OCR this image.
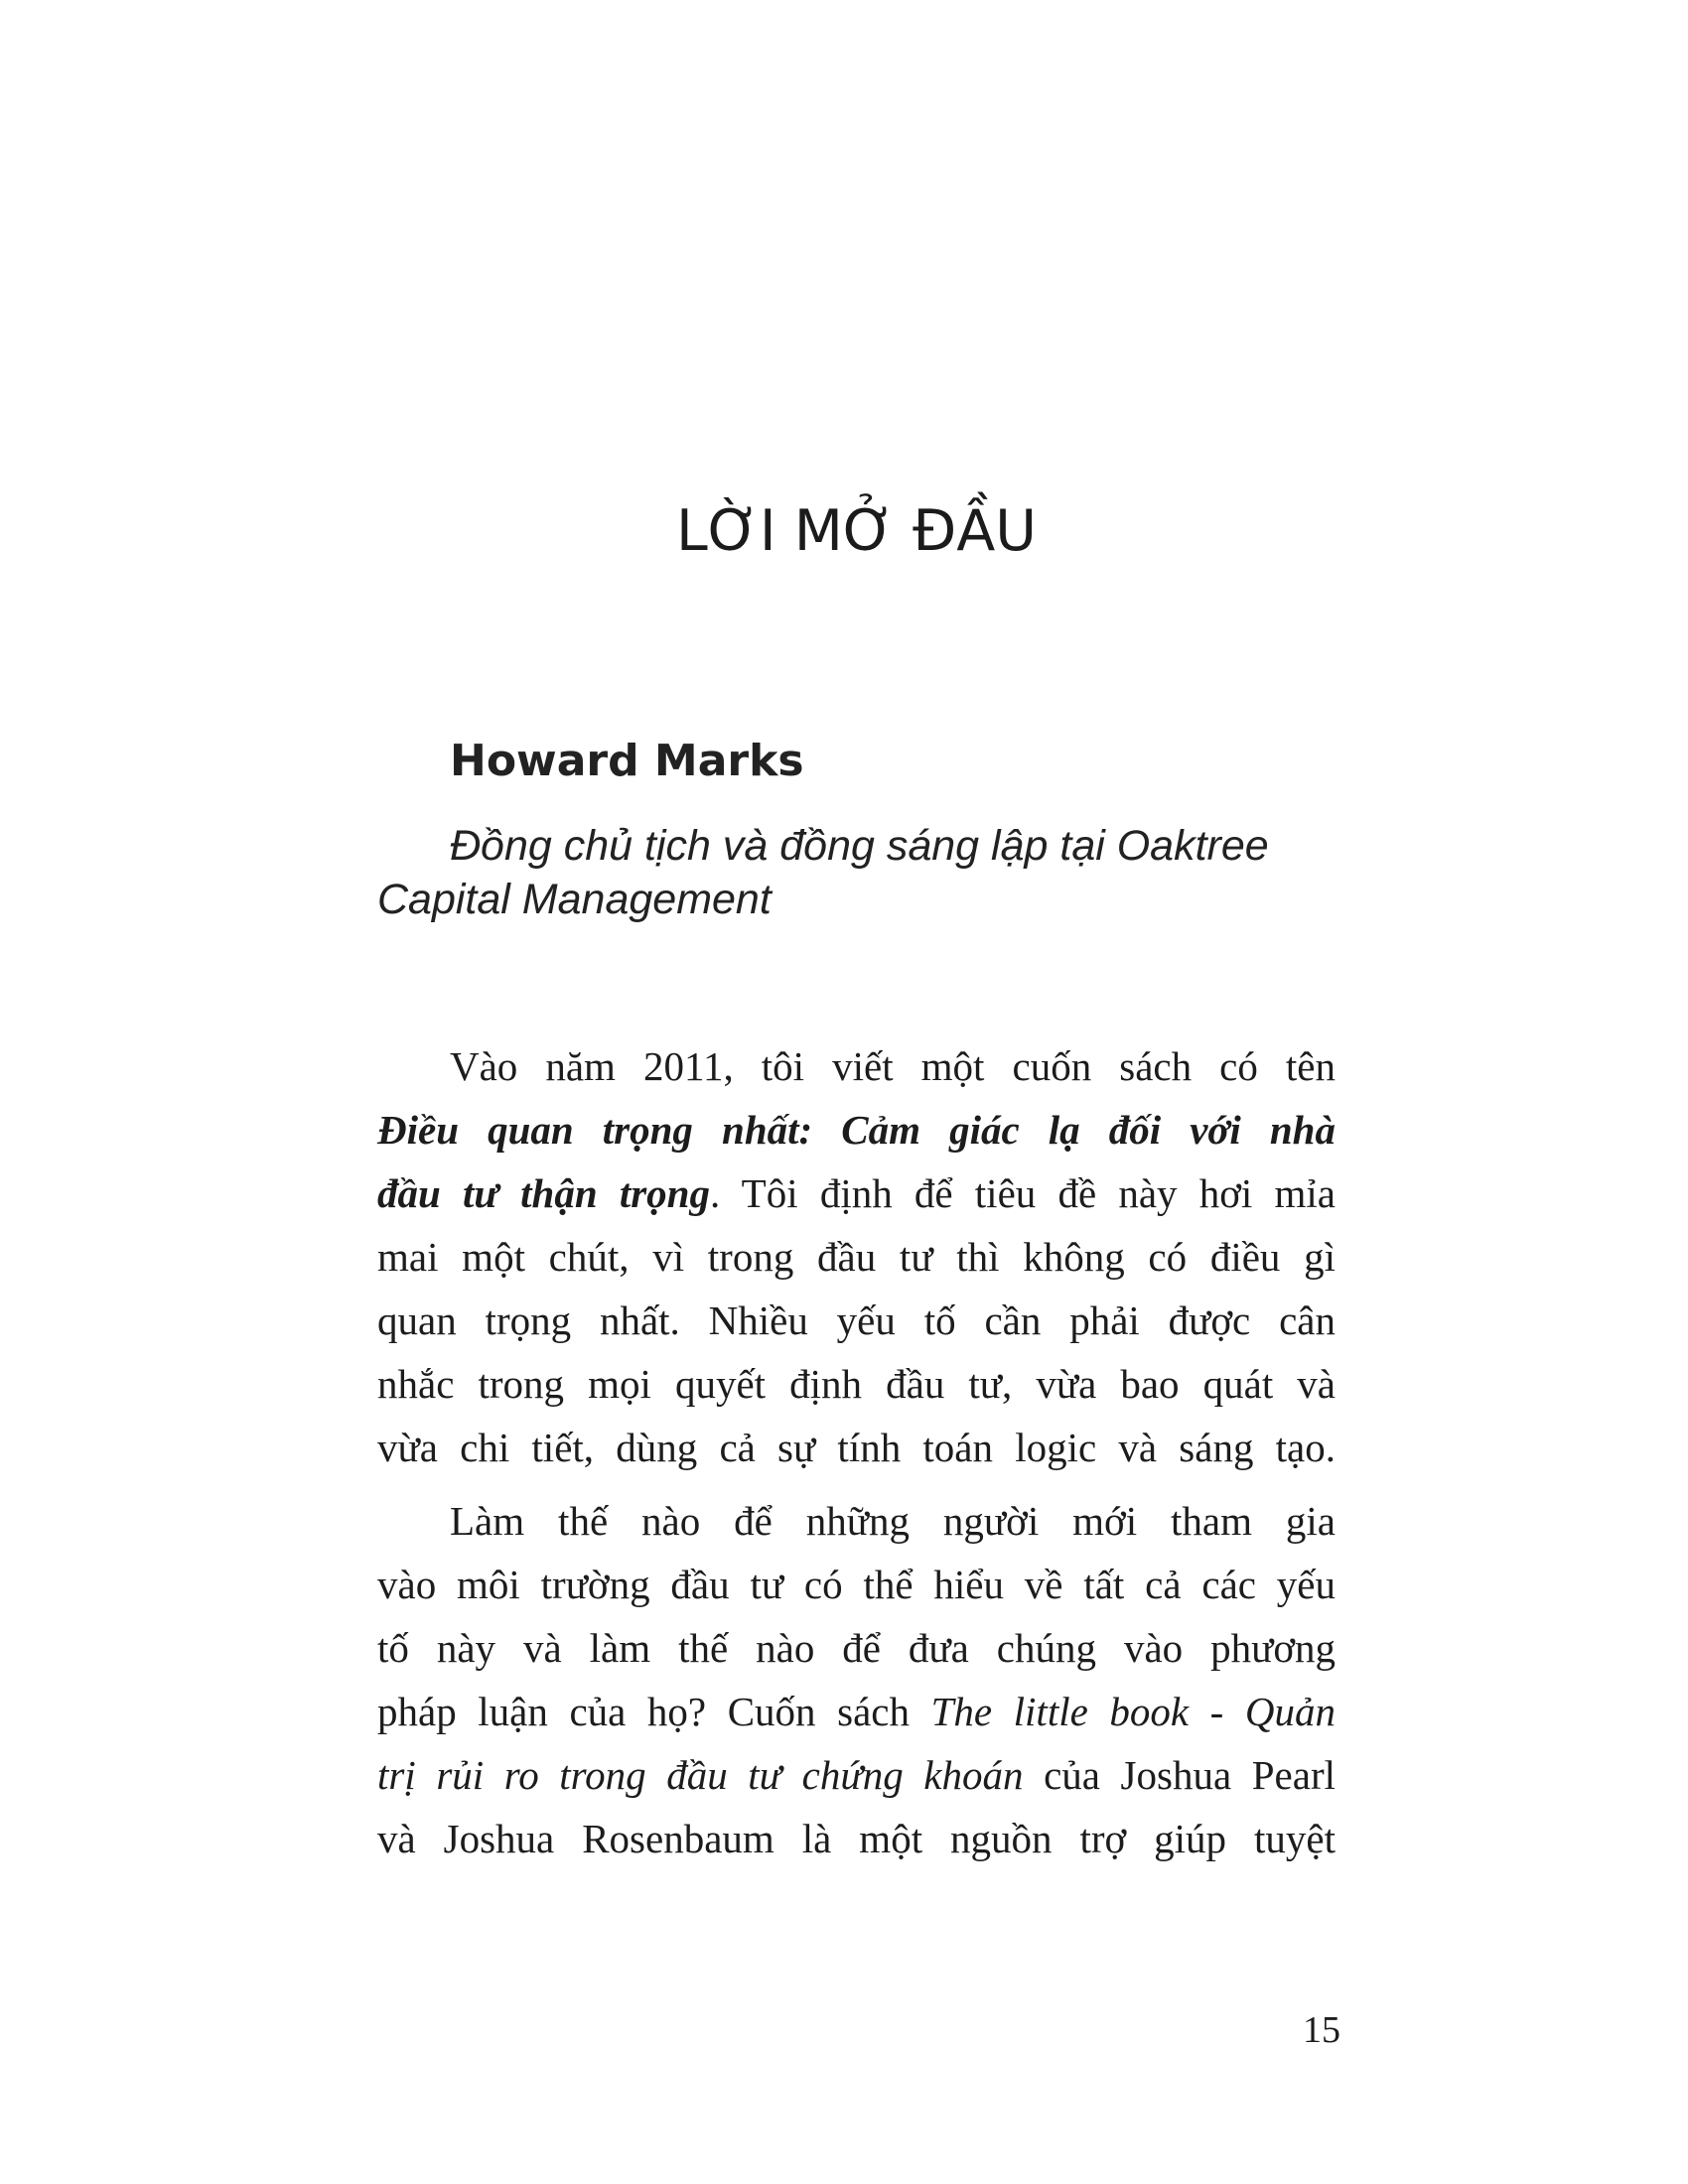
LỜI MỞ ĐẦU

Howard Marks

Đồng chủ tịch và đồng sáng lập tại Oaktree
Capital Management
Vào năm 2011, tôi viết một cuốn sách có tên
Điều quan trọng nhất: Cảm giác lạ đối với nhà
đầu tư thận trọng. Tôi định để tiêu đề này hơi mỉa
mai một chút, vì trong đầu tư thì không có điều gì
quan trọng nhất. Nhiều yếu tố cần phải được cân
nhắc trong mọi quyết định đầu tư, vừa bao quát và
vừa chi tiết, dùng cả sự tính toán logic và sáng tạo.
Làm thế nào để những người mới tham gia
vào môi trường đầu tư có thể hiểu về tất cả các yếu
tố này và làm thế nào để đưa chúng vào phương
pháp luận của họ? Cuốn sách The little book - Quản
trị rủi ro trong đầu tư chứng khoán của Joshua Pearl
và Joshua Rosenbaum là một nguồn trợ giúp tuyệt
15
